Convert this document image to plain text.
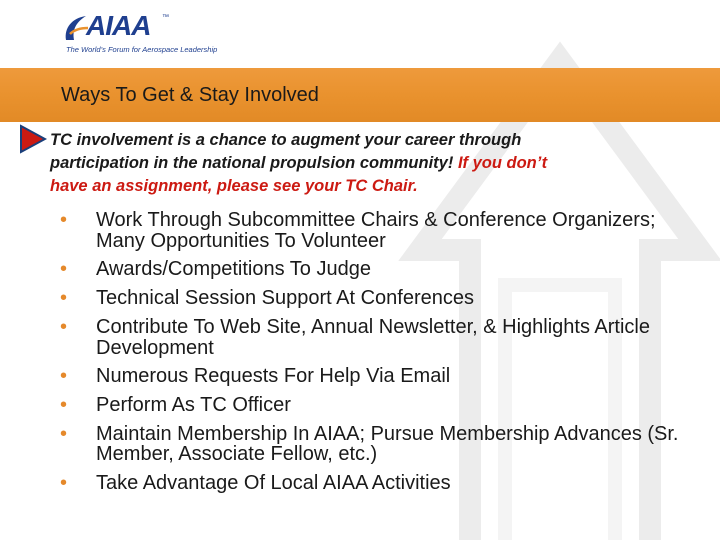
AIAA ™
The World’s Forum for Aerospace Leadership
Ways To Get & Stay Involved
TC involvement is a chance to augment your career through
participation in the national propulsion community! If you don’t
have an assignment, please see your TC Chair.
• Work Through Subcommittee Chairs & Conference Organizers; Many Opportunities To Volunteer
• Awards/Competitions To Judge
• Technical Session Support At Conferences
• Contribute To Web Site, Annual Newsletter, & Highlights Article Development
• Numerous Requests For Help Via Email
• Perform As TC Officer
• Maintain Membership In AIAA; Pursue Membership Advances (Sr. Member, Associate Fellow, etc.)
• Take Advantage Of Local AIAA Activities
